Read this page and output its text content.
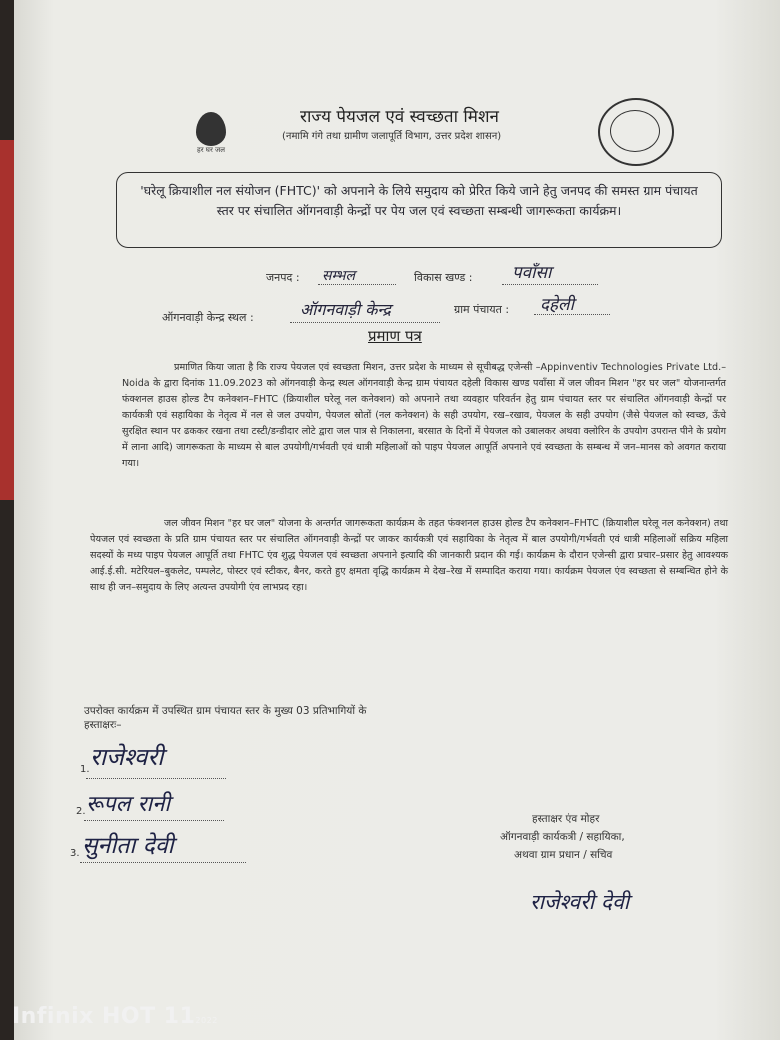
हर घर जल
राज्य पेयजल एवं स्वच्छता मिशन
(नमामि गंगे तथा ग्रामीण जलापूर्ति विभाग, उत्तर प्रदेश शासन)
'घरेलू क्रियाशील नल संयोजन (FHTC)' को अपनाने के लिये समुदाय को प्रेरित किये जाने हेतु जनपद की समस्त ग्राम पंचायत स्तर पर संचालित ऑगनवाड़ी केन्द्रों पर पेय जल एवं स्वच्छता सम्बन्धी जागरूकता कार्यक्रम।
जनपद : सम्भल	विकास खण्ड : पवाँसा
ऑगनवाड़ी केन्द्र स्थल :	ऑगनवाड़ी केन्द्र	ग्राम पंचायत : दहेली
प्रमाण पत्र
प्रमाणित किया जाता है कि राज्य पेयजल एवं स्वच्छता मिशन, उत्तर प्रदेश के माध्यम से सूचीबद्ध एजेन्सी –Appinventiv Technologies Private Ltd.– Noida के द्वारा दिनांक 11.09.2023 को ऑगनवाड़ी केन्द्र स्थल ऑगनवाड़ी केन्द्र ग्राम पंचायत दहेली विकास खण्ड पवाँसा में जल जीवन मिशन "हर घर जल" योजनान्तर्गत फंक्शनल हाउस होल्ड टैप कनेक्शन–FHTC (क्रियाशील घरेलू नल कनेक्शन) को अपनाने तथा व्यवहार परिवर्तन हेतु ग्राम पंचायत स्तर पर संचालित ऑगनवाड़ी केन्द्रों पर कार्यकत्री एवं सहायिका के नेतृत्व में नल से जल उपयोग, पेयजल स्रोतों (नल कनेक्शन) के सही उपयोग, रख–रखाव, पेयजल के सही उपयोग (जैसे पेयजल को स्वच्छ, ऊँचे सुरक्षित स्थान पर ढककर रखना तथा टस्टी/डन्डीदार लोटे द्वारा जल पात्र से निकालना, बरसात के दिनों में पेयजल को उबालकर अथवा क्लोरिन के उपयोग उपरान्त पीने के प्रयोग में लाना आदि) जागरूकता के माध्यम से बाल उपयोगी/गर्भवती एवं धात्री महिलाओं को पाइप पेयजल आपूर्ति अपनाने एवं स्वच्छता के सम्बन्ध में जन–मानस को अवगत कराया गया।
जल जीवन मिशन "हर घर जल" योजना के अन्तर्गत जागरूकता कार्यक्रम के तहत फंक्शनल हाउस होल्ड टैप कनेक्शन–FHTC (क्रियाशील घरेलू नल कनेक्शन) तथा पेयजल एवं स्वच्छता के प्रति ग्राम पंचायत स्तर पर संचालित ऑगनवाड़ी केन्द्रों पर जाकर कार्यकत्री एवं सहायिका के नेतृत्व में बाल उपयोगी/गर्भवती एवं धात्री महिलाओं सक्रिय महिला सदस्यों के मध्य पाइप पेयजल आपूर्ति तथा FHTC एंव शुद्ध पेयजल एवं स्वच्छता अपनाने इत्यादि की जानकारी प्रदान की गई। कार्यक्रम के दौरान एजेन्सी द्वारा प्रचार–प्रसार हेतु आवश्यक आई.ई.सी. मटेरियल–बुकलेट, पम्पलेट, पोस्टर एवं स्टीकर, बैनर, करते हुए क्षमता वृद्धि कार्यक्रम मे देख–रेख में सम्पादित कराया गया। कार्यक्रम पेयजल एंव स्वच्छता से सम्बन्धित होने के साथ ही जन–समुदाय के लिए अत्यन्त उपयोगी एंव लाभप्रद रहा।
उपरोक्त कार्यक्रम में उपस्थित ग्राम पंचायत स्तर के मुख्य 03 प्रतिभागियों के
हस्ताक्षरः–
1. राजेश्वरी
2. रूपल रानी
3. सुनीता देवी
हस्ताक्षर एंव मोहर
ऑगनवाड़ी कार्यकत्री / सहायिका,
अथवा ग्राम प्रधान / सचिव
राजेश्वरी देवी
Infinix HOT 112022
